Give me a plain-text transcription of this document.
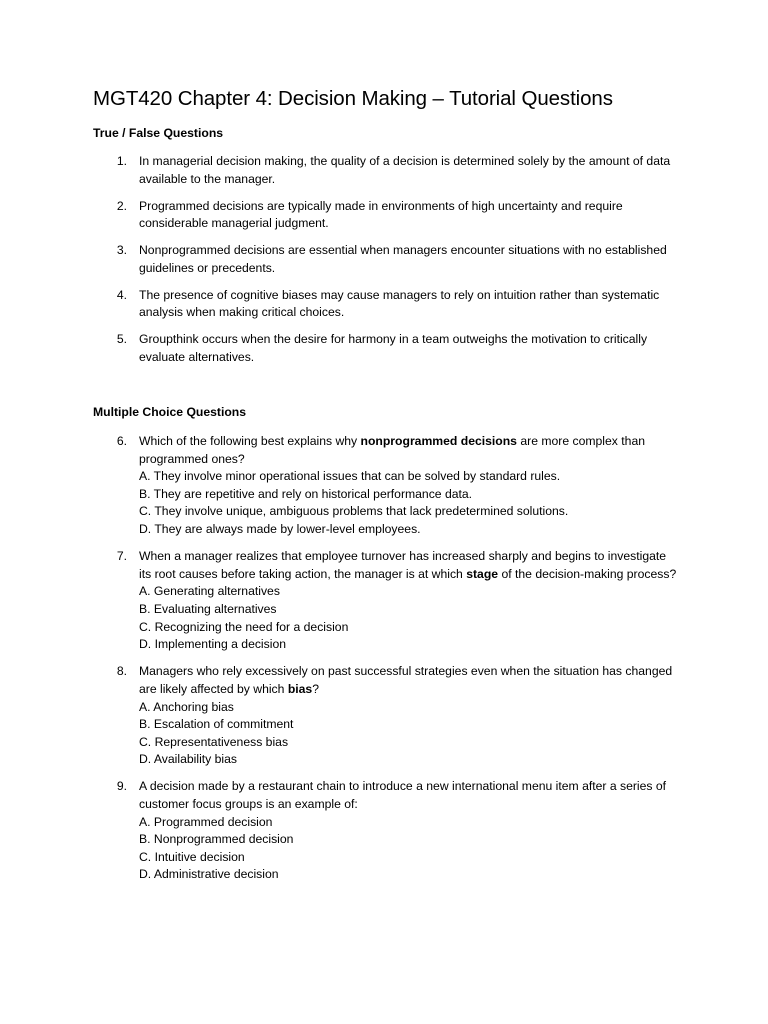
MGT420 Chapter 4: Decision Making – Tutorial Questions
True / False Questions
1. In managerial decision making, the quality of a decision is determined solely by the amount of data available to the manager.
2. Programmed decisions are typically made in environments of high uncertainty and require considerable managerial judgment.
3. Nonprogrammed decisions are essential when managers encounter situations with no established guidelines or precedents.
4. The presence of cognitive biases may cause managers to rely on intuition rather than systematic analysis when making critical choices.
5. Groupthink occurs when the desire for harmony in a team outweighs the motivation to critically evaluate alternatives.
Multiple Choice Questions
6. Which of the following best explains why nonprogrammed decisions are more complex than programmed ones?
A. They involve minor operational issues that can be solved by standard rules.
B. They are repetitive and rely on historical performance data.
C. They involve unique, ambiguous problems that lack predetermined solutions.
D. They are always made by lower-level employees.
7. When a manager realizes that employee turnover has increased sharply and begins to investigate its root causes before taking action, the manager is at which stage of the decision-making process?
A. Generating alternatives
B. Evaluating alternatives
C. Recognizing the need for a decision
D. Implementing a decision
8. Managers who rely excessively on past successful strategies even when the situation has changed are likely affected by which bias?
A. Anchoring bias
B. Escalation of commitment
C. Representativeness bias
D. Availability bias
9. A decision made by a restaurant chain to introduce a new international menu item after a series of customer focus groups is an example of:
A. Programmed decision
B. Nonprogrammed decision
C. Intuitive decision
D. Administrative decision
